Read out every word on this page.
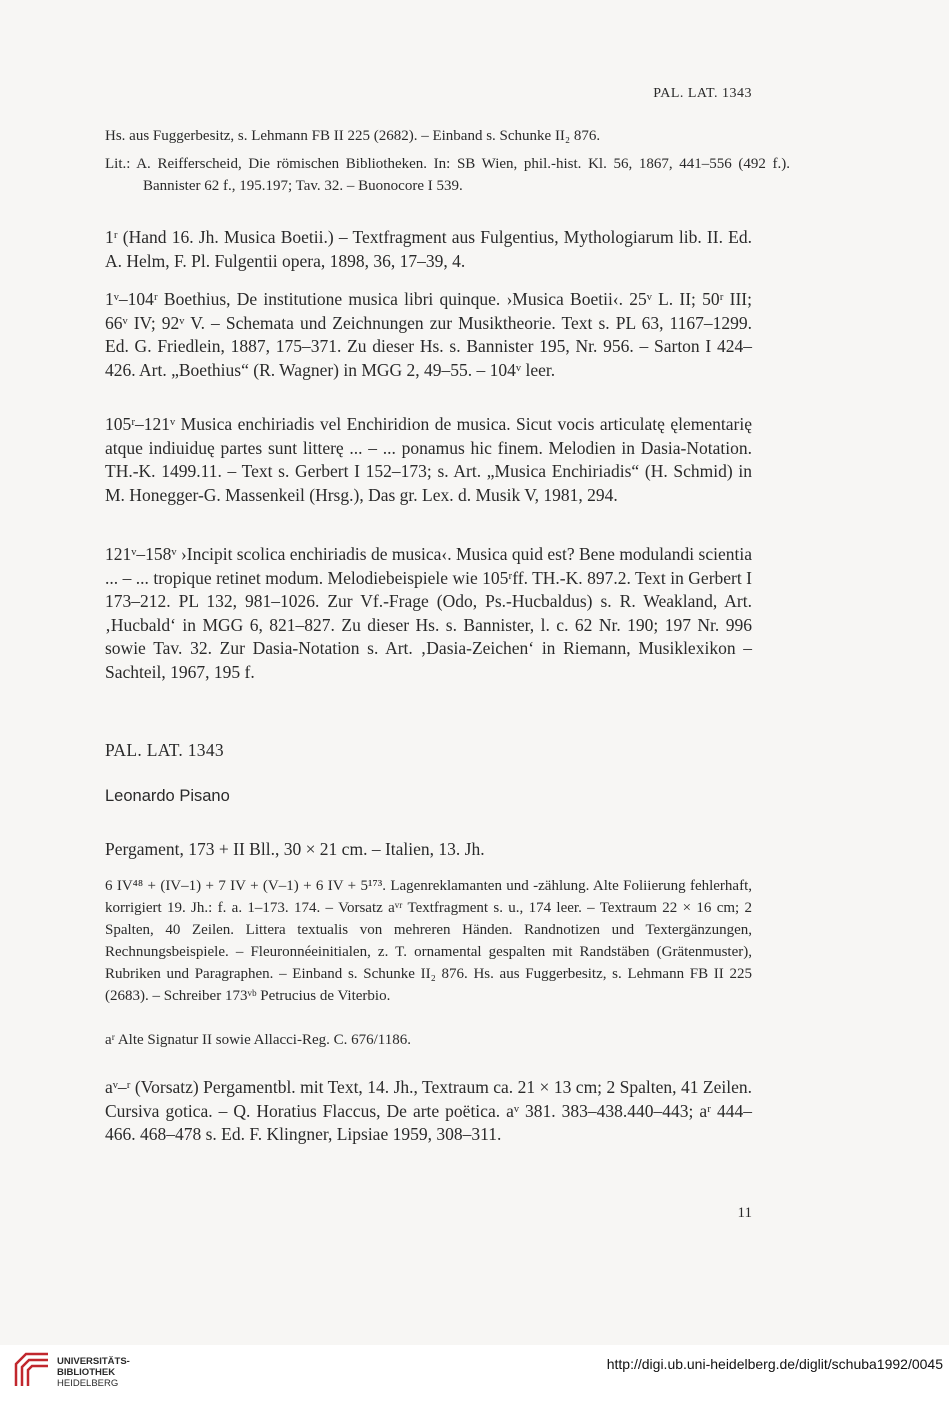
PAL. LAT. 1343
Hs. aus Fuggerbesitz, s. Lehmann FB II 225 (2682). – Einband s. Schunke II₂ 876.
Lit.: A. Reifferscheid, Die römischen Bibliotheken. In: SB Wien, phil.-hist. Kl. 56, 1867, 441–556 (492 f.). Bannister 62 f., 195.197; Tav. 32. – Buonocore I 539.
1ʳ (Hand 16. Jh. Musica Boetii.) – Textfragment aus Fulgentius, Mythologiarum lib. II. Ed. A. Helm, F. Pl. Fulgentii opera, 1898, 36, 17–39, 4.
1ᵛ–104ʳ Boethius, De institutione musica libri quinque. ›Musica Boetii‹. 25ᵛ L. II; 50ʳ III; 66ᵛ IV; 92ᵛ V. – Schemata und Zeichnungen zur Musiktheorie. Text s. PL 63, 1167–1299. Ed. G. Friedlein, 1887, 175–371. Zu dieser Hs. s. Bannister 195, Nr. 956. – Sarton I 424–426. Art. „Boethius“ (R. Wagner) in MGG 2, 49–55. – 104ᵛ leer.
105ʳ–121ᵛ Musica enchiriadis vel Enchiridion de musica. Sicut vocis articulatę ęlementarię atque indiuiduę partes sunt litterę ... – ... ponamus hic finem. Melodien in Dasia-Notation. TH.-K. 1499.11. – Text s. Gerbert I 152–173; s. Art. „Musica Enchiriadis“ (H. Schmid) in M. Honegger-G. Massenkeil (Hrsg.), Das gr. Lex. d. Musik V, 1981, 294.
121ᵛ–158ᵛ ›Incipit scolica enchiriadis de musica‹. Musica quid est? Bene modulandi scientia ... – ... tropique retinet modum. Melodiebeispiele wie 105ʳff. TH.-K. 897.2. Text in Gerbert I 173–212. PL 132, 981–1026. Zur Vf.-Frage (Odo, Ps.-Hucbaldus) s. R. Weakland, Art. ‚Hucbald‘ in MGG 6, 821–827. Zu dieser Hs. s. Bannister, l. c. 62 Nr. 190; 197 Nr. 996 sowie Tav. 32. Zur Dasia-Notation s. Art. ‚Dasia-Zeichen‘ in Riemann, Musiklexikon – Sachteil, 1967, 195 f.
PAL. LAT. 1343
Leonardo Pisano
Pergament, 173 + II Bll., 30 × 21 cm. – Italien, 13. Jh.
6 IV⁴⁸ + (IV–1) + 7 IV + (V–1) + 6 IV + 5¹⁷³. Lagenreklamanten und -zählung. Alte Foliierung fehlerhaft, korrigiert 19. Jh.: f. a. 1–173. 174. – Vorsatz aᵛʳ Textfragment s. u., 174 leer. – Textraum 22 × 16 cm; 2 Spalten, 40 Zeilen. Littera textualis von mehreren Händen. Randnotizen und Textergänzungen, Rechnungsbeispiele. – Fleuronnéeinitialen, z. T. ornamental gespalten mit Randstäben (Grätenmuster), Rubriken und Paragraphen. – Einband s. Schunke II₂ 876. Hs. aus Fuggerbesitz, s. Lehmann FB II 225 (2683). – Schreiber 173ᵛᵇ Petrucius de Viterbio.
aʳ Alte Signatur II sowie Allacci-Reg. C. 676/1186.
aᵛ–ʳ (Vorsatz) Pergamentbl. mit Text, 14. Jh., Textraum ca. 21 × 13 cm; 2 Spalten, 41 Zeilen. Cursiva gotica. – Q. Horatius Flaccus, De arte poëtica. aᵛ 381. 383–438.440–443; aʳ 444–466. 468–478 s. Ed. F. Klingner, Lipsiae 1959, 308–311.
11
UNIVERSITÄTS-
BIBLIOTHEK
HEIDELBERG
http://digi.ub.uni-heidelberg.de/diglit/schuba1992/0045
